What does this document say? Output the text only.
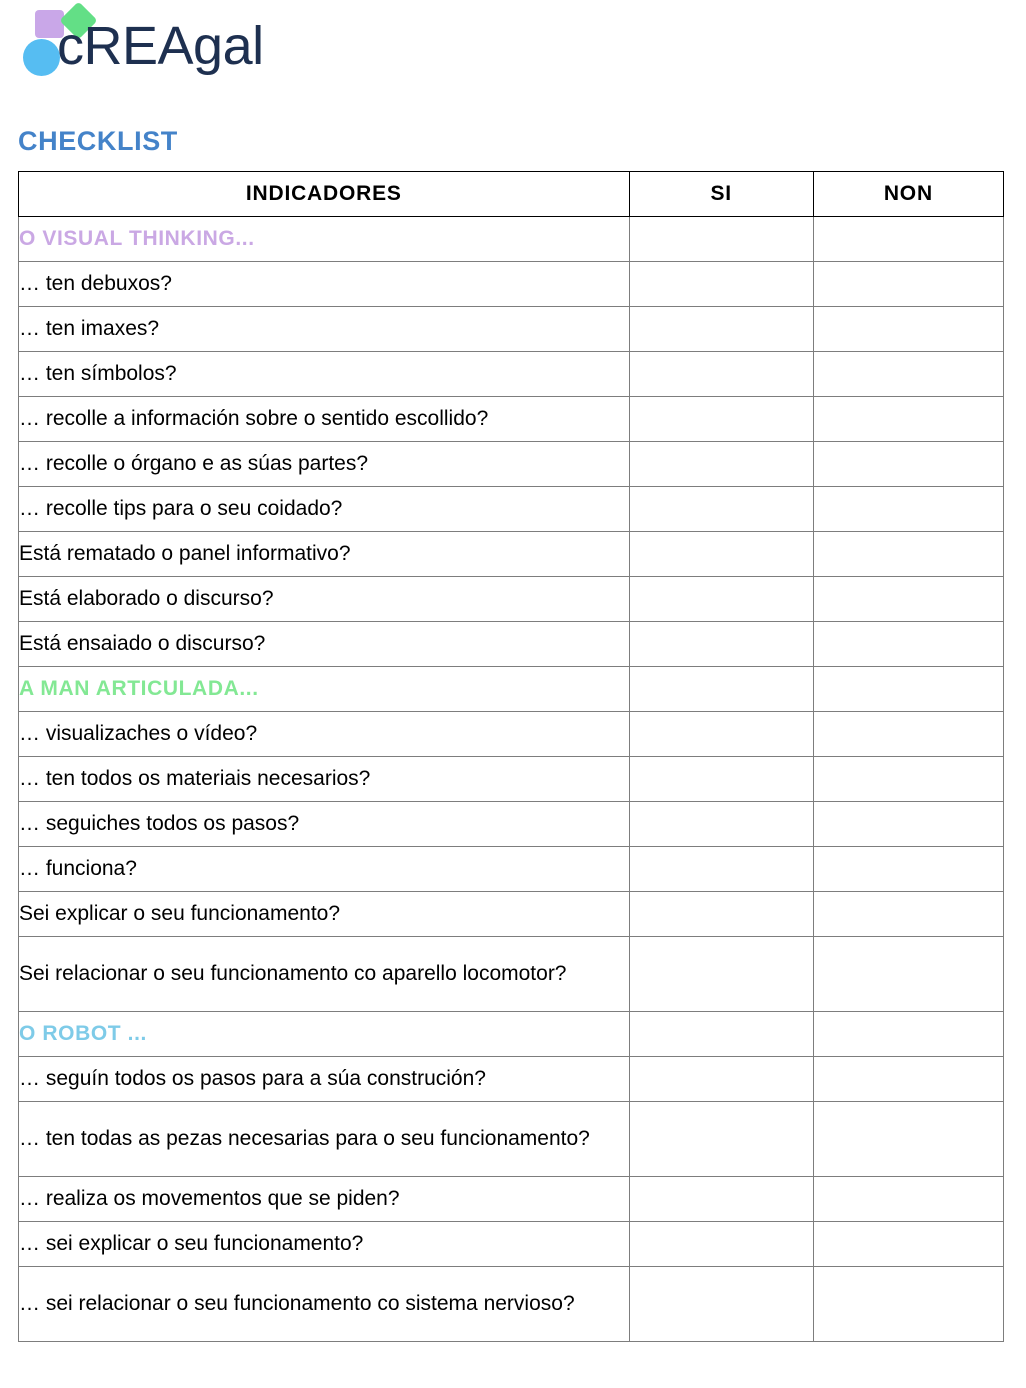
cREAgal
CHECKLIST
INDICADORES	SI	NON
O VISUAL THINKING...		
… ten debuxos?		
… ten imaxes?		
… ten símbolos?		
… recolle a información sobre o sentido escollido?		
… recolle o órgano e as súas partes?		
… recolle tips para o seu coidado?		
Está rematado o panel informativo?		
Está elaborado o discurso?		
Está ensaiado o discurso?		
A MAN ARTICULADA...		
… visualizaches o vídeo?		
… ten todos os materiais necesarios?		
… seguiches todos os pasos?		
… funciona?		
Sei explicar o seu funcionamento?		
Sei relacionar o seu funcionamento co aparello locomotor?		
O ROBOT ...		
… seguín todos os pasos para a súa construción?		
… ten todas as pezas necesarias para o seu funcionamento?		
… realiza os movementos que se piden?		
… sei explicar o seu funcionamento?		
… sei relacionar o seu funcionamento co sistema nervioso?		
